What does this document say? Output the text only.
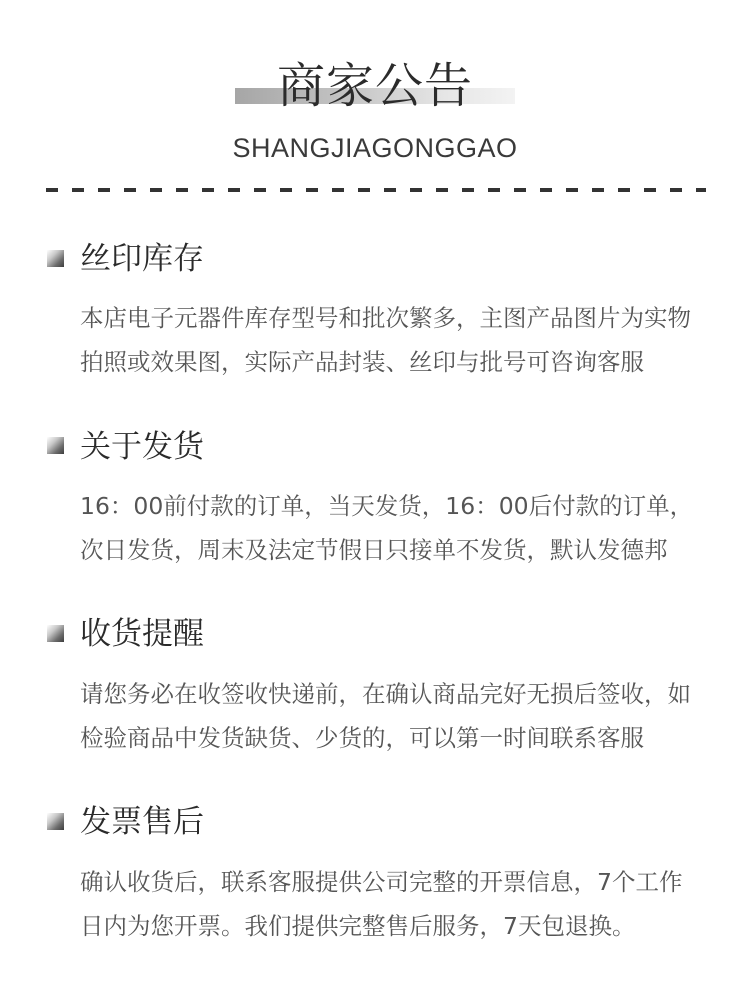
商家公告
SHANGJIAGONGGAO
丝印库存
本店电子元器件库存型号和批次繁多，主图产品图片为实物
拍照或效果图，实际产品封装、丝印与批号可咨询客服
关于发货
16：00前付款的订单，当天发货，16：00后付款的订单，
次日发货，周末及法定节假日只接单不发货，默认发德邦
收货提醒
请您务必在收签收快递前，在确认商品完好无损后签收，如
检验商品中发货缺货、少货的，可以第一时间联系客服
发票售后
确认收货后，联系客服提供公司完整的开票信息，7个工作
日内为您开票。我们提供完整售后服务，7天包退换。
